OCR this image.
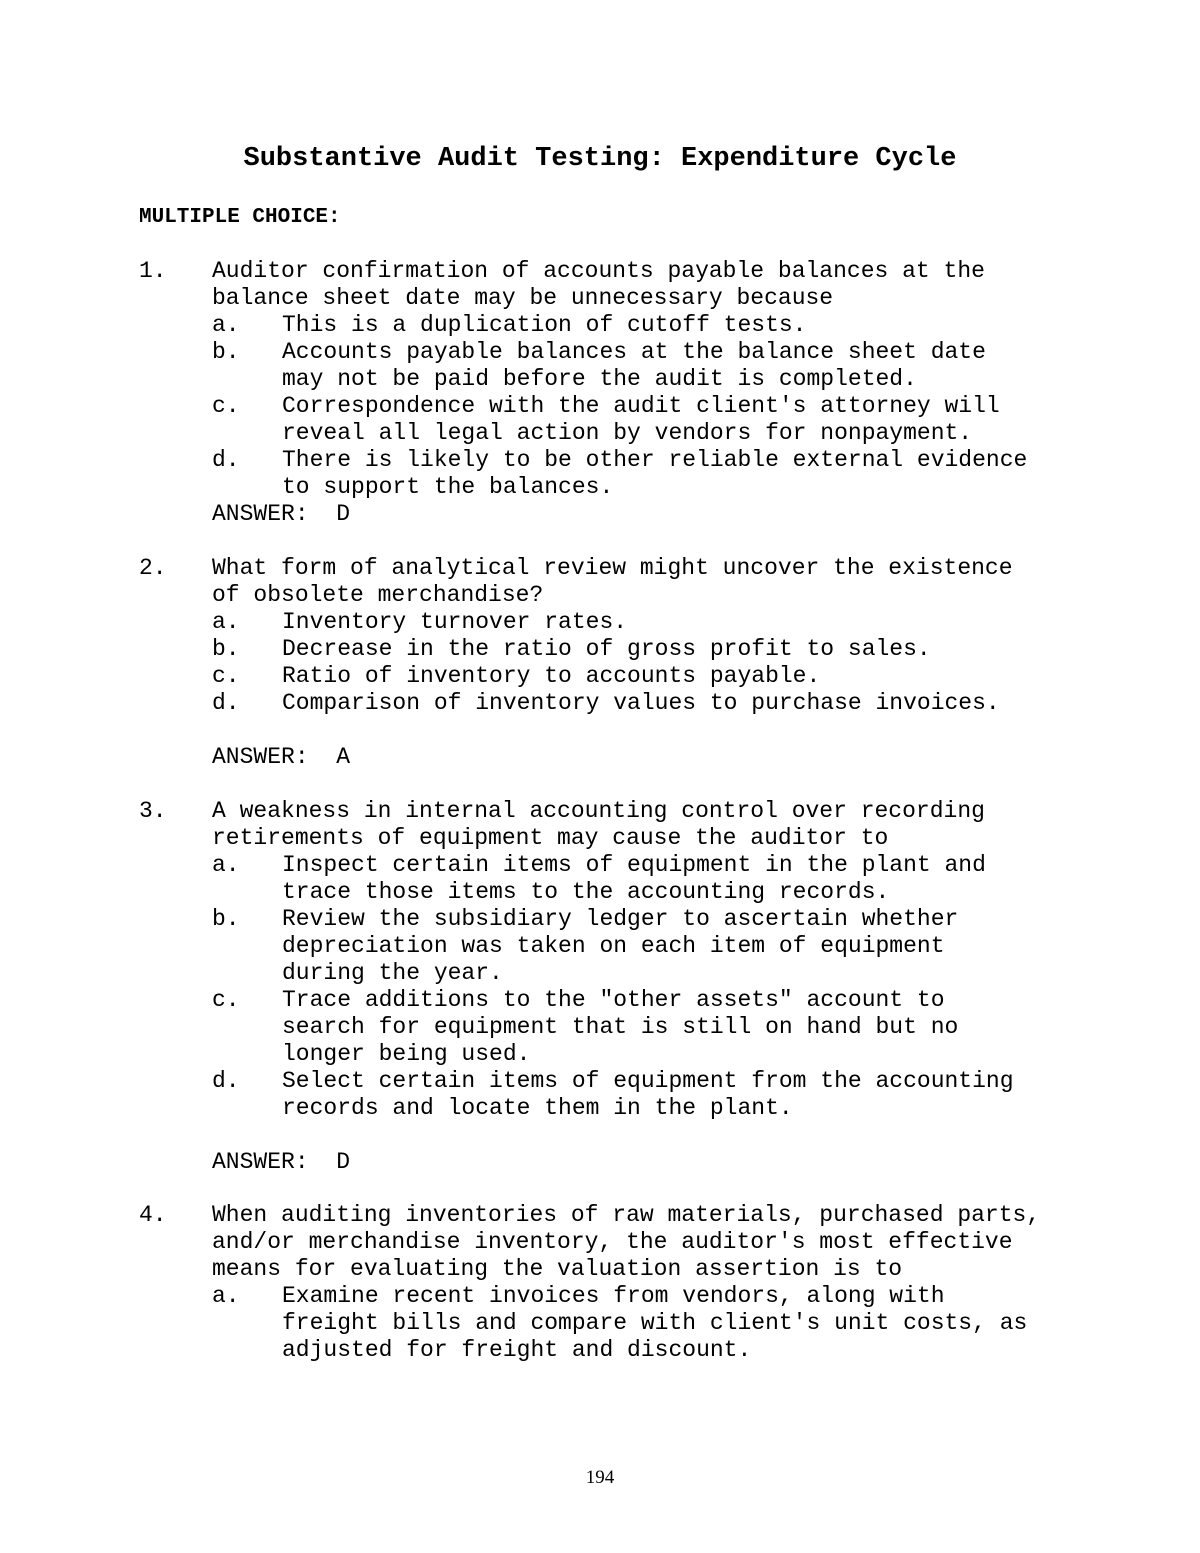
Substantive Audit Testing: Expenditure Cycle
MULTIPLE CHOICE:
1. Auditor confirmation of accounts payable balances at the
balance sheet date may be unnecessary because
a. This is a duplication of cutoff tests.
b. Accounts payable balances at the balance sheet date
may not be paid before the audit is completed.
c. Correspondence with the audit client's attorney will
reveal all legal action by vendors for nonpayment.
d. There is likely to be other reliable external evidence
to support the balances.
ANSWER:  D
2. What form of analytical review might uncover the existence
of obsolete merchandise?
a. Inventory turnover rates.
b. Decrease in the ratio of gross profit to sales.
c. Ratio of inventory to accounts payable.
d. Comparison of inventory values to purchase invoices.
ANSWER:  A
3. A weakness in internal accounting control over recording
retirements of equipment may cause the auditor to
a. Inspect certain items of equipment in the plant and
trace those items to the accounting records.
b. Review the subsidiary ledger to ascertain whether
depreciation was taken on each item of equipment
during the year.
c. Trace additions to the "other assets" account to
search for equipment that is still on hand but no
longer being used.
d. Select certain items of equipment from the accounting
records and locate them in the plant.
ANSWER:  D
4. When auditing inventories of raw materials, purchased parts,
and/or merchandise inventory, the auditor's most effective
means for evaluating the valuation assertion is to
a. Examine recent invoices from vendors, along with
freight bills and compare with client's unit costs, as
adjusted for freight and discount.
194
